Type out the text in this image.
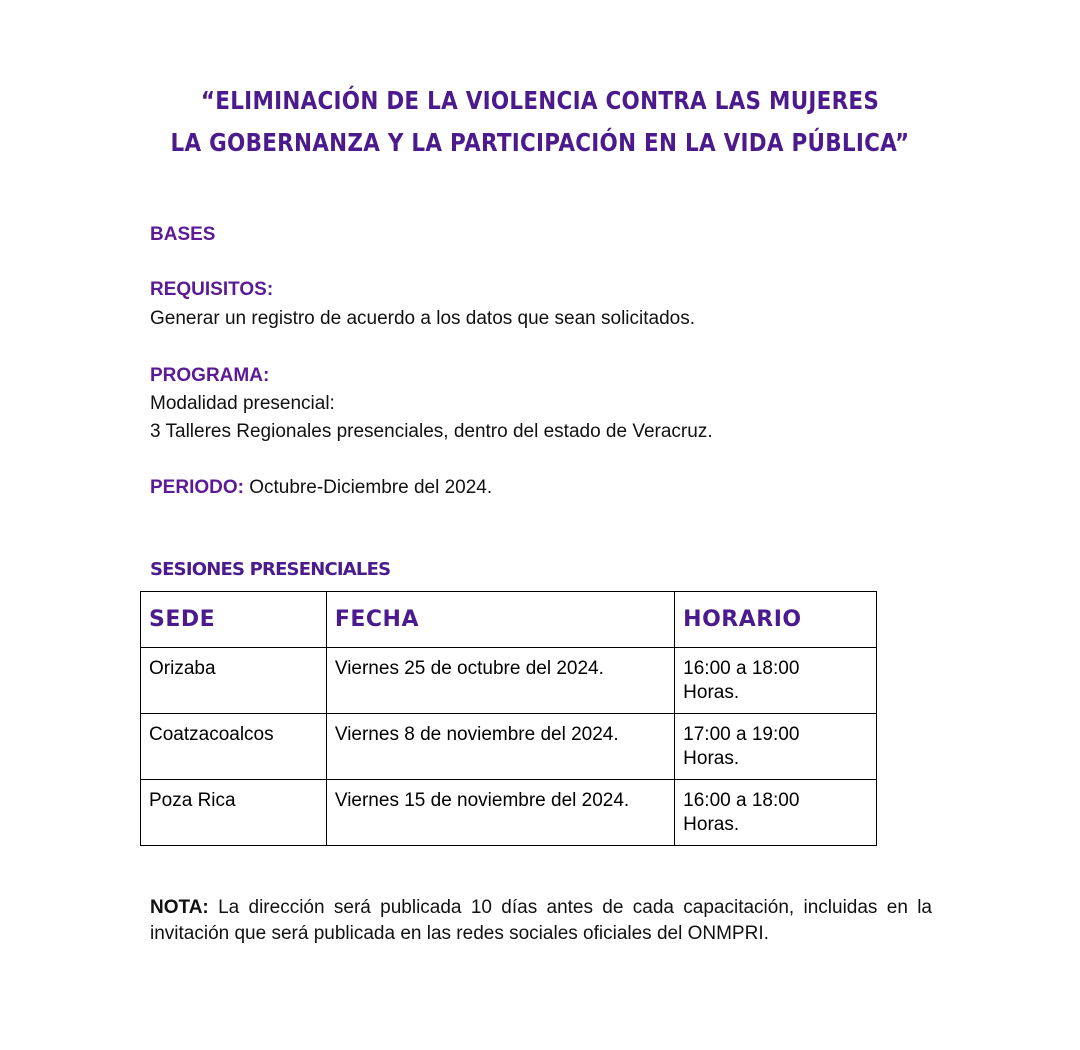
“ELIMINACIÓN DE LA VIOLENCIA CONTRA LAS MUJERES
LA GOBERNANZA Y LA PARTICIPACIÓN EN LA VIDA PÚBLICA”
BASES
REQUISITOS:
Generar un registro de acuerdo a los datos que sean solicitados.
PROGRAMA:
Modalidad presencial:
3 Talleres Regionales presenciales, dentro del estado de Veracruz.
PERIODO: Octubre-Diciembre del 2024.
SESIONES PRESENCIALES
SEDE	FECHA	HORARIO
Orizaba	Viernes 25 de octubre del 2024.	16:00 a 18:00
Horas.

Coatzacoalcos	Viernes 8 de noviembre del 2024.	17:00 a 19:00
Horas.

Poza Rica	Viernes 15 de noviembre del 2024.	16:00 a 18:00
Horas.
NOTA: La dirección será publicada 10 días antes de cada capacitación, incluidas en la invitación que será publicada en las redes sociales oficiales del ONMPRI.
